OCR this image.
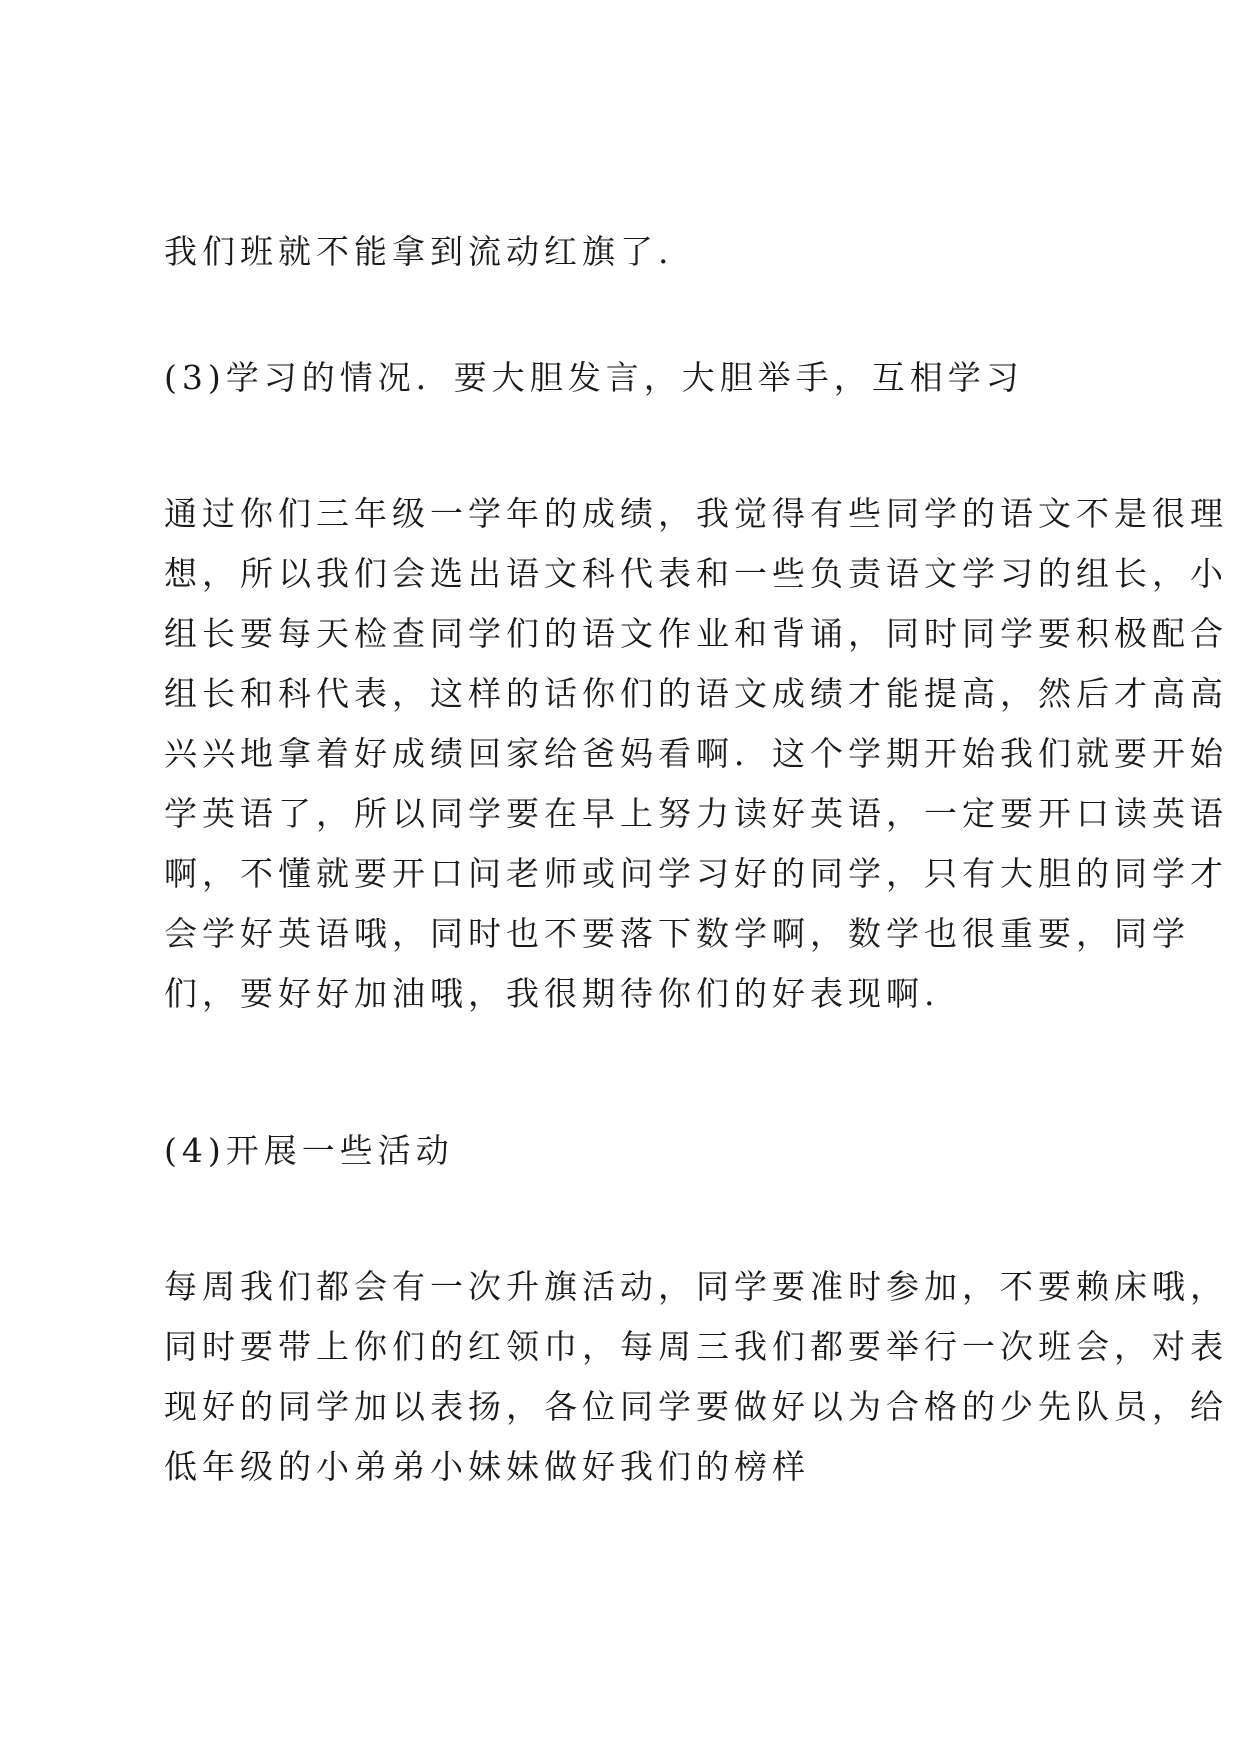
我们班就不能拿到流动红旗了.
(3)学习的情况．要大胆发言，大胆举手，互相学习
通过你们三年级一学年的成绩，我觉得有些同学的语文不是很理
想，所以我们会选出语文科代表和一些负责语文学习的组长，小
组长要每天检查同学们的语文作业和背诵，同时同学要积极配合
组长和科代表，这样的话你们的语文成绩才能提高，然后才高高
兴兴地拿着好成绩回家给爸妈看啊．这个学期开始我们就要开始
学英语了，所以同学要在早上努力读好英语，一定要开口读英语
啊，不懂就要开口问老师或问学习好的同学，只有大胆的同学才
会学好英语哦，同时也不要落下数学啊，数学也很重要，同学
们，要好好加油哦，我很期待你们的好表现啊.
(4)开展一些活动
每周我们都会有一次升旗活动，同学要准时参加，不要赖床哦，
同时要带上你们的红领巾，每周三我们都要举行一次班会，对表
现好的同学加以表扬，各位同学要做好以为合格的少先队员，给
低年级的小弟弟小妹妹做好我们的榜样
